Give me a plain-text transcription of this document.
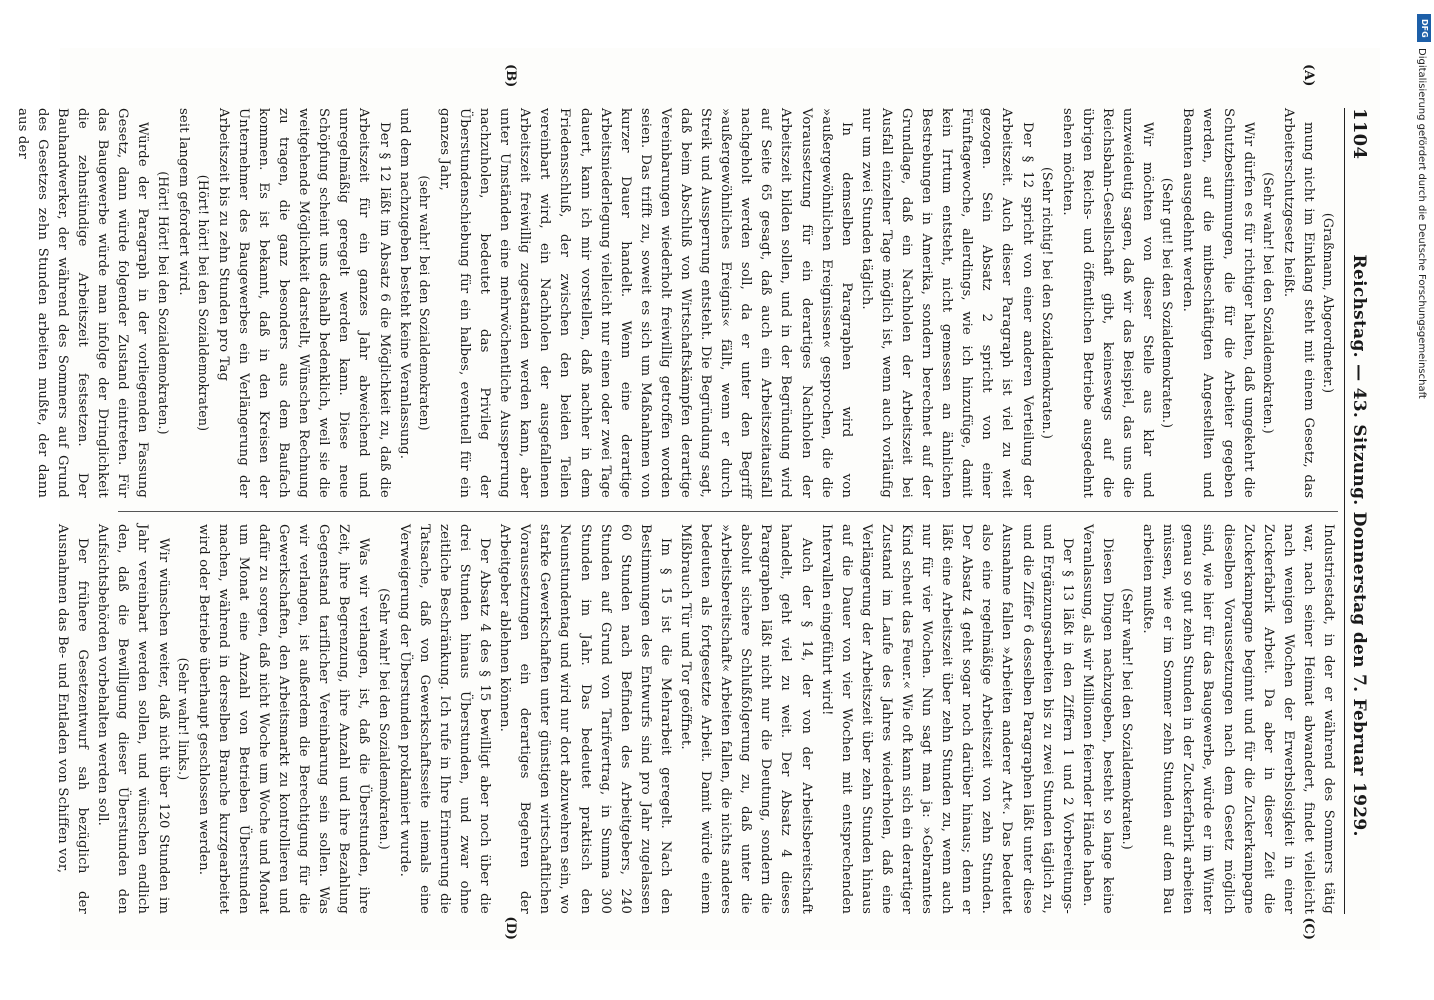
1104
Reichstag. — 43. Sitzung. Donnerstag den 7. Februar 1929.
(A)
(B)
(C)
(D)

(Graßmann, Abgeordneter.)

mung nicht im Einklang steht mit einem Gesetz, das Arbeiterschutzgesetz heißt.

(Sehr wahr! bei den Sozialdemokraten.)

Wir dürfen es für richtiger halten, daß umgekehrt die Schutzbestimmungen, die für die Arbeiter gegeben werden, auf die mitbeschäftigten Angestellten und Beamten ausgedehnt werden.

(Sehr gut! bei den Sozialdemokraten.)

Wir möchten von dieser Stelle aus klar und unzweideutig sagen, daß wir das Beispiel, das uns die Reichsbahn-Gesellschaft gibt, keineswegs auf die übrigen Reichs- und öffentlichen Betriebe ausgedehnt sehen möchten.

(Sehr richtig! bei den Sozialdemokraten.)

Der § 12 spricht von einer anderen Verteilung der Arbeitszeit. Auch dieser Paragraph ist viel zu weit gezogen. Sein Absatz 2 spricht von einer Fünftagewoche, allerdings, wie ich hinzufüge, damit kein Irrtum entsteht, nicht gemessen an ähnlichen Bestrebungen in Amerika, sondern berechnet auf der Grundlage, daß ein Nachholen der Arbeitszeit bei Ausfall einzelner Tage möglich ist, wenn auch vorläufig nur um zwei Stunden täglich.

In demselben Paragraphen wird von »außergewöhnlichen Ereignissen« gesprochen, die die Voraussetzung für ein derartiges Nachholen der Arbeitszeit bilden sollen, und in der Begründung wird auf Seite 65 gesagt, daß auch ein Arbeitszeitausfall nachgeholt werden soll, da er unter den Begriff »außergewöhnliches Ereignis« fällt, wenn er durch Streik und Aussperrung entsteht. Die Begründung sagt, daß beim Abschluß von Wirtschaftskämpfen derartige Vereinbarungen wiederholt freiwillig getroffen worden seien. Das trifft zu, soweit es sich um Maßnahmen von kurzer Dauer handelt. Wenn eine derartige Arbeitsniederlegung vielleicht nur einen oder zwei Tage dauert, kann ich mir vorstellen, daß nachher in dem Friedensschluß, der zwischen den beiden Teilen vereinbart wird, ein Nachholen der ausgefallenen Arbeitszeit freiwillig zugestanden werden kann, aber unter Umständen eine mehrwöchentliche Aussperrung nachzuholen, bedeutet das Privileg der Überstundenschiebung für ein halbes, eventuell für ein ganzes Jahr,

(sehr wahr! bei den Sozialdemokraten)

und dem nachzugeben besteht keine Veranlassung.

Der § 12 läßt im Absatz 6 die Möglichkeit zu, daß die Arbeitszeit für ein ganzes Jahr abweichend und unregelmäßig geregelt werden kann. Diese neue Schöpfung scheint uns deshalb bedenklich, weil sie die weitgehende Möglichkeit darstellt, Wünschen Rechnung zu tragen, die ganz besonders aus dem Baufach kommen. Es ist bekannt, daß in den Kreisen der Unternehmer des Baugewerbes ein Verlängerung der Arbeitszeit bis zu zehn Stunden pro Tag

(Hört! hört! bei den Sozialdemokraten)

seit langem gefordert wird.

(Hört! Hört! bei den Sozialdemokraten.)

Würde der Paragraph in der vorliegenden Fassung Gesetz, dann würde folgender Zustand eintreten. Für das Baugewerbe würde man infolge der Dringlichkeit die zehnstündige Arbeitszeit festsetzen. Der Bauhandwerker, der während des Sommers auf Grund des Gesetzes zehn Stunden arbeiten mußte, der dann aus der

Industriestadt, in der er während des Sommers tätig war, nach seiner Heimat abwandert, findet vielleicht nach wenigen Wochen der Erwerbslosigkeit in einer Zuckerfabrik Arbeit. Da aber in dieser Zeit die Zuckerkampagne beginnt und für die Zuckerkampagne dieselben Voraussetzungen nach dem Gesetz möglich sind, wie hier für das Baugewerbe, würde er im Winter genau so gut zehn Stunden in der Zuckerfabrik arbeiten müssen, wie er im Sommer zehn Stunden auf dem Bau arbeiten mußte.

(Sehr wahr! bei den Sozialdemokraten.)

Diesen Dingen nachzugeben, besteht so lange keine Veranlassung, als wir Millionen feiernder Hände haben.

Der § 13 läßt in den Ziffern 1 und 2 Vorbereitungs- und Ergänzungsarbeiten bis zu zwei Stunden täglich zu, und die Ziffer 6 desselben Paragraphen läßt unter diese Ausnahme fallen »Arbeiten anderer Art«. Das bedeutet also eine regelmäßige Arbeitszeit von zehn Stunden. Der Absatz 4 geht sogar noch darüber hinaus; denn er läßt eine Arbeitszeit über zehn Stunden zu, wenn auch nur für vier Wochen. Nun sagt man ja: »Gebranntes Kind scheut das Feuer.« Wie oft kann sich ein derartiger Zustand im Laufe des Jahres wiederholen, daß eine Verlängerung der Arbeitszeit über zehn Stunden hinaus auf die Dauer von vier Wochen mit entsprechenden Intervallen eingeführt wird!

Auch der § 14, der von der Arbeitsbereitschaft handelt, geht viel zu weit. Der Absatz 4 dieses Paragraphen läßt nicht nur die Deutung, sondern die absolut sichere Schlußfolgerung zu, daß unter die »Arbeitsbereitschaft« Arbeiten fallen, die nichts anderes bedeuten als fortgesetzte Arbeit. Damit würde einem Mißbrauch Tür und Tor geöffnet.

Im § 15 ist die Mehrarbeit geregelt. Nach den Bestimmungen des Entwurfs sind pro Jahr zugelassen 60 Stunden nach Befinden des Arbeitgebers, 240 Stunden auf Grund von Tarifvertrag, in Summa 300 Stunden im Jahr. Das bedeutet praktisch den Neunstundentag und wird nur dort abzuwehren sein, wo starke Gewerkschaften unter günstigen wirtschaftlichen Voraussetzungen ein derartiges Begehren der Arbeitgeber ablehnen können.

Der Absatz 4 des § 15 bewilligt aber noch über die drei Stunden hinaus Überstunden, und zwar ohne zeitliche Beschränkung. Ich rufe in Ihre Erinnerung die Tatsache, daß von Gewerkschaftsseite niemals eine Verweigerung der Überstunden proklamiert wurde.

(Sehr wahr! bei den Sozialdemokraten.)

Was wir verlangen, ist, daß die Überstunden, ihre Zeit, ihre Begrenzung, ihre Anzahl und ihre Bezahlung Gegenstand tariflicher Vereinbarung sein sollen. Was wir verlangen, ist außerdem die Berechtigung für die Gewerkschaften, den Arbeitsmarkt zu kontrollieren und dafür zu sorgen, daß nicht Woche um Woche und Monat um Monat eine Anzahl von Betrieben Überstunden machen, während in derselben Branche kurzgearbeitet wird oder Betriebe überhaupt geschlossen werden.

(Sehr wahr! links.)

Wir wünschen weiter, daß nicht über 120 Stunden im Jahr vereinbart werden sollen, und wünschen endlich den, daß die Bewilligung dieser Überstunden den Aufsichtsbehörden vorbehalten werden soll.

Der frühere Gesetzentwurf sah bezüglich der Ausnahmen das Be- und Entladen von Schiffen vor,

DFG
Digitalisierung gefördert durch die Deutsche Forschungsgemeinschaft
